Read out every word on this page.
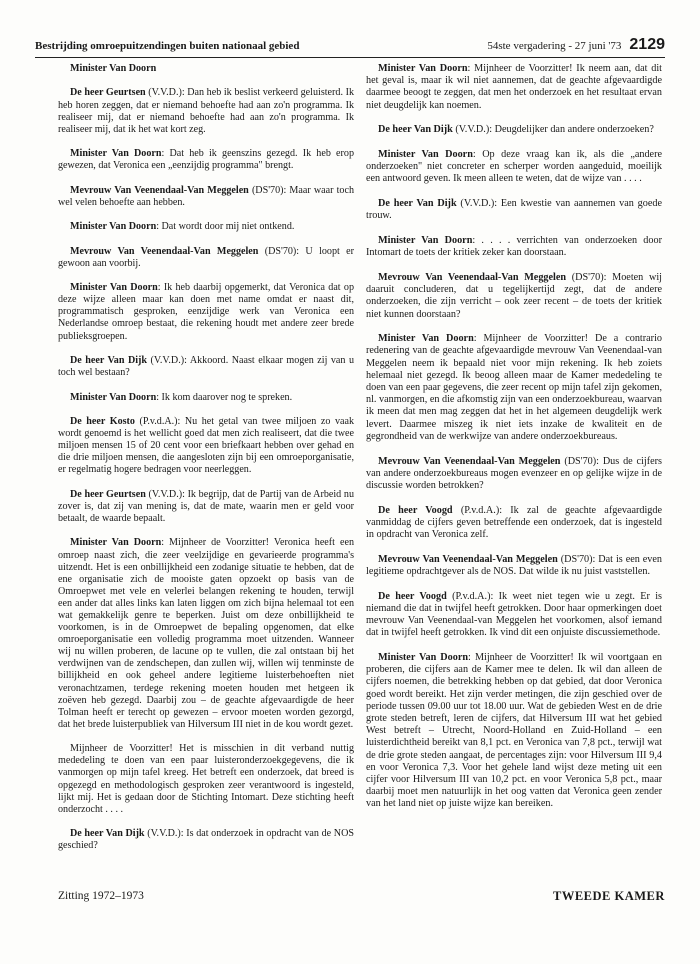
Bestrijding omroepuitzendingen buiten nationaal gebied	54ste vergadering - 27 juni '73 2129

Minister Van Doorn

De heer Geurtsen (V.V.D.): Dan heb ik beslist verkeerd geluisterd. Ik heb horen zeggen, dat er niemand behoefte had aan zo'n programma. Ik realiseer mij, dat er niemand behoefte had aan zo'n programma. Ik realiseer mij, dat ik het wat kort zeg.

Minister Van Doorn: Dat heb ik geenszins gezegd. Ik heb erop gewezen, dat Veronica een „eenzijdig programma" brengt.

Mevrouw Van Veenendaal-Van Meggelen (DS'70): Maar waar toch wel velen behoefte aan hebben.

Minister Van Doorn: Dat wordt door mij niet ontkend.

Mevrouw Van Veenendaal-Van Meggelen (DS'70): U loopt er gewoon aan voorbij.

Minister Van Doorn: Ik heb daarbij opgemerkt, dat Veronica dat op deze wijze alleen maar kan doen met name omdat er naast dit, programmatisch gesproken, eenzijdige werk van Veronica een Nederlandse omroep bestaat, die rekening houdt met andere zeer brede publieksgroepen.

De heer Van Dijk (V.V.D.): Akkoord. Naast elkaar mogen zij van u toch wel bestaan?

Minister Van Doorn: Ik kom daarover nog te spreken.

De heer Kosto (P.v.d.A.): Nu het getal van twee miljoen zo vaak wordt genoemd is het wellicht goed dat men zich realiseert, dat die twee miljoen mensen 15 of 20 cent voor een briefkaart hebben over gehad en die drie miljoen mensen, die aangesloten zijn bij een omroeporganisatie, er regelmatig hogere bedragen voor neerleggen.

De heer Geurtsen (V.V.D.): Ik begrijp, dat de Partij van de Arbeid nu zover is, dat zij van mening is, dat de mate, waarin men er geld voor betaalt, de waarde bepaalt.

Minister Van Doorn: Mijnheer de Voorzitter! Veronica heeft een omroep naast zich, die zeer veelzijdige en gevarieerde programma's uitzendt. Het is een onbillijkheid een zodanige situatie te hebben, dat de ene organisatie zich de mooiste gaten opzoekt op basis van de Omroepwet met vele en velerlei belangen rekening te houden, terwijl een ander dat alles links kan laten liggen om zich bijna helemaal tot een wat gemakkelijk genre te beperken. Juist om deze onbillijkheid te voorkomen, is in de Omroepwet de bepaling opgenomen, dat elke omroeporganisatie een volledig programma moet uitzenden. Wanneer wij nu willen proberen, de lacune op te vullen, die zal ontstaan bij het verdwijnen van de zendschepen, dan zullen wij, willen wij tenminste de billijkheid en ook geheel andere legitieme luisterbehoeften niet veronachtzamen, terdege rekening moeten houden met hetgeen ik zoëven heb gezegd. Daarbij zou – de geachte afgevaardigde de heer Tolman heeft er terecht op gewezen – ervoor moeten worden gezorgd, dat het brede luisterpubliek van Hilversum III niet in de kou wordt gezet.

Mijnheer de Voorzitter! Het is misschien in dit verband nuttig mededeling te doen van een paar luisteronderzoekgegevens, die ik vanmorgen op mijn tafel kreeg. Het betreft een onderzoek, dat breed is opgezegd en methodologisch gesproken zeer verantwoord is ingesteld, lijkt mij. Het is gedaan door de Stichting Intomart. Deze stichting heeft onderzocht . . . .

De heer Van Dijk (V.V.D.): Is dat onderzoek in opdracht van de NOS geschied?

Minister Van Doorn: Mijnheer de Voorzitter! Ik neem aan, dat dit het geval is, maar ik wil niet aannemen, dat de geachte afgevaardigde daarmee beoogt te zeggen, dat men het onderzoek en het resultaat ervan niet deugdelijk kan noemen.

De heer Van Dijk (V.V.D.): Deugdelijker dan andere onderzoeken?

Minister Van Doorn: Op deze vraag kan ik, als die „andere onderzoeken" niet concreter en scherper worden aangeduid, moeilijk een antwoord geven. Ik meen alleen te weten, dat de wijze van . . . .

De heer Van Dijk (V.V.D.): Een kwestie van aannemen van goede trouw.

Minister Van Doorn: . . . . verrichten van onderzoeken door Intomart de toets der kritiek zeker kan doorstaan.

Mevrouw Van Veenendaal-Van Meggelen (DS'70): Moeten wij daaruit concluderen, dat u tegelijkertijd zegt, dat de andere onderzoeken, die zijn verricht – ook zeer recent – de toets der kritiek niet kunnen doorstaan?

Minister Van Doorn: Mijnheer de Voorzitter! De a contrario redenering van de geachte afgevaardigde mevrouw Van Veenendaal-van Meggelen neem ik bepaald niet voor mijn rekening. Ik heb zoiets helemaal niet gezegd. Ik beoog alleen maar de Kamer mededeling te doen van een paar gegevens, die zeer recent op mijn tafel zijn gekomen, nl. vanmorgen, en die afkomstig zijn van een onderzoekbureau, waarvan ik meen dat men mag zeggen dat het in het algemeen deugdelijk werk levert. Daarmee miszeg ik niet iets inzake de kwaliteit en de gegrondheid van de werkwijze van andere onderzoekbureaus.

Mevrouw Van Veenendaal-Van Meggelen (DS'70): Dus de cijfers van andere onderzoekbureaus mogen evenzeer en op gelijke wijze in de discussie worden betrokken?

De heer Voogd (P.v.d.A.): Ik zal de geachte afgevaardigde vanmiddag de cijfers geven betreffende een onderzoek, dat is ingesteld in opdracht van Veronica zelf.

Mevrouw Van Veenendaal-Van Meggelen (DS'70): Dat is een even legitieme opdrachtgever als de NOS. Dat wilde ik nu juist vaststellen.

De heer Voogd (P.v.d.A.): Ik weet niet tegen wie u zegt. Er is niemand die dat in twijfel heeft getrokken. Door haar opmerkingen doet mevrouw Van Veenendaal-van Meggelen het voorkomen, alsof iemand dat in twijfel heeft getrokken. Ik vind dit een onjuiste discussiemethode.

Minister Van Doorn: Mijnheer de Voorzitter! Ik wil voortgaan en proberen, die cijfers aan de Kamer mee te delen. Ik wil dan alleen de cijfers noemen, die betrekking hebben op dat gebied, dat door Veronica goed wordt bereikt. Het zijn verder metingen, die zijn geschied over de periode tussen 09.00 uur tot 18.00 uur. Wat de gebieden West en de drie grote steden betreft, leren de cijfers, dat Hilversum III wat het gebied West betreft – Utrecht, Noord-Holland en Zuid-Holland – een luisterdichtheid bereikt van 8,1 pct. en Veronica van 7,8 pct., terwijl wat de drie grote steden aangaat, de percentages zijn: voor Hilversum III 9,4 en voor Veronica 7,3. Voor het gehele land wijst deze meting uit een cijfer voor Hilversum III van 10,2 pct. en voor Veronica 5,8 pct., maar daarbij moet men natuurlijk in het oog vatten dat Veronica geen zender van het land niet op juiste wijze kan bereiken.

Zitting 1972–1973	TWEEDE KAMER
